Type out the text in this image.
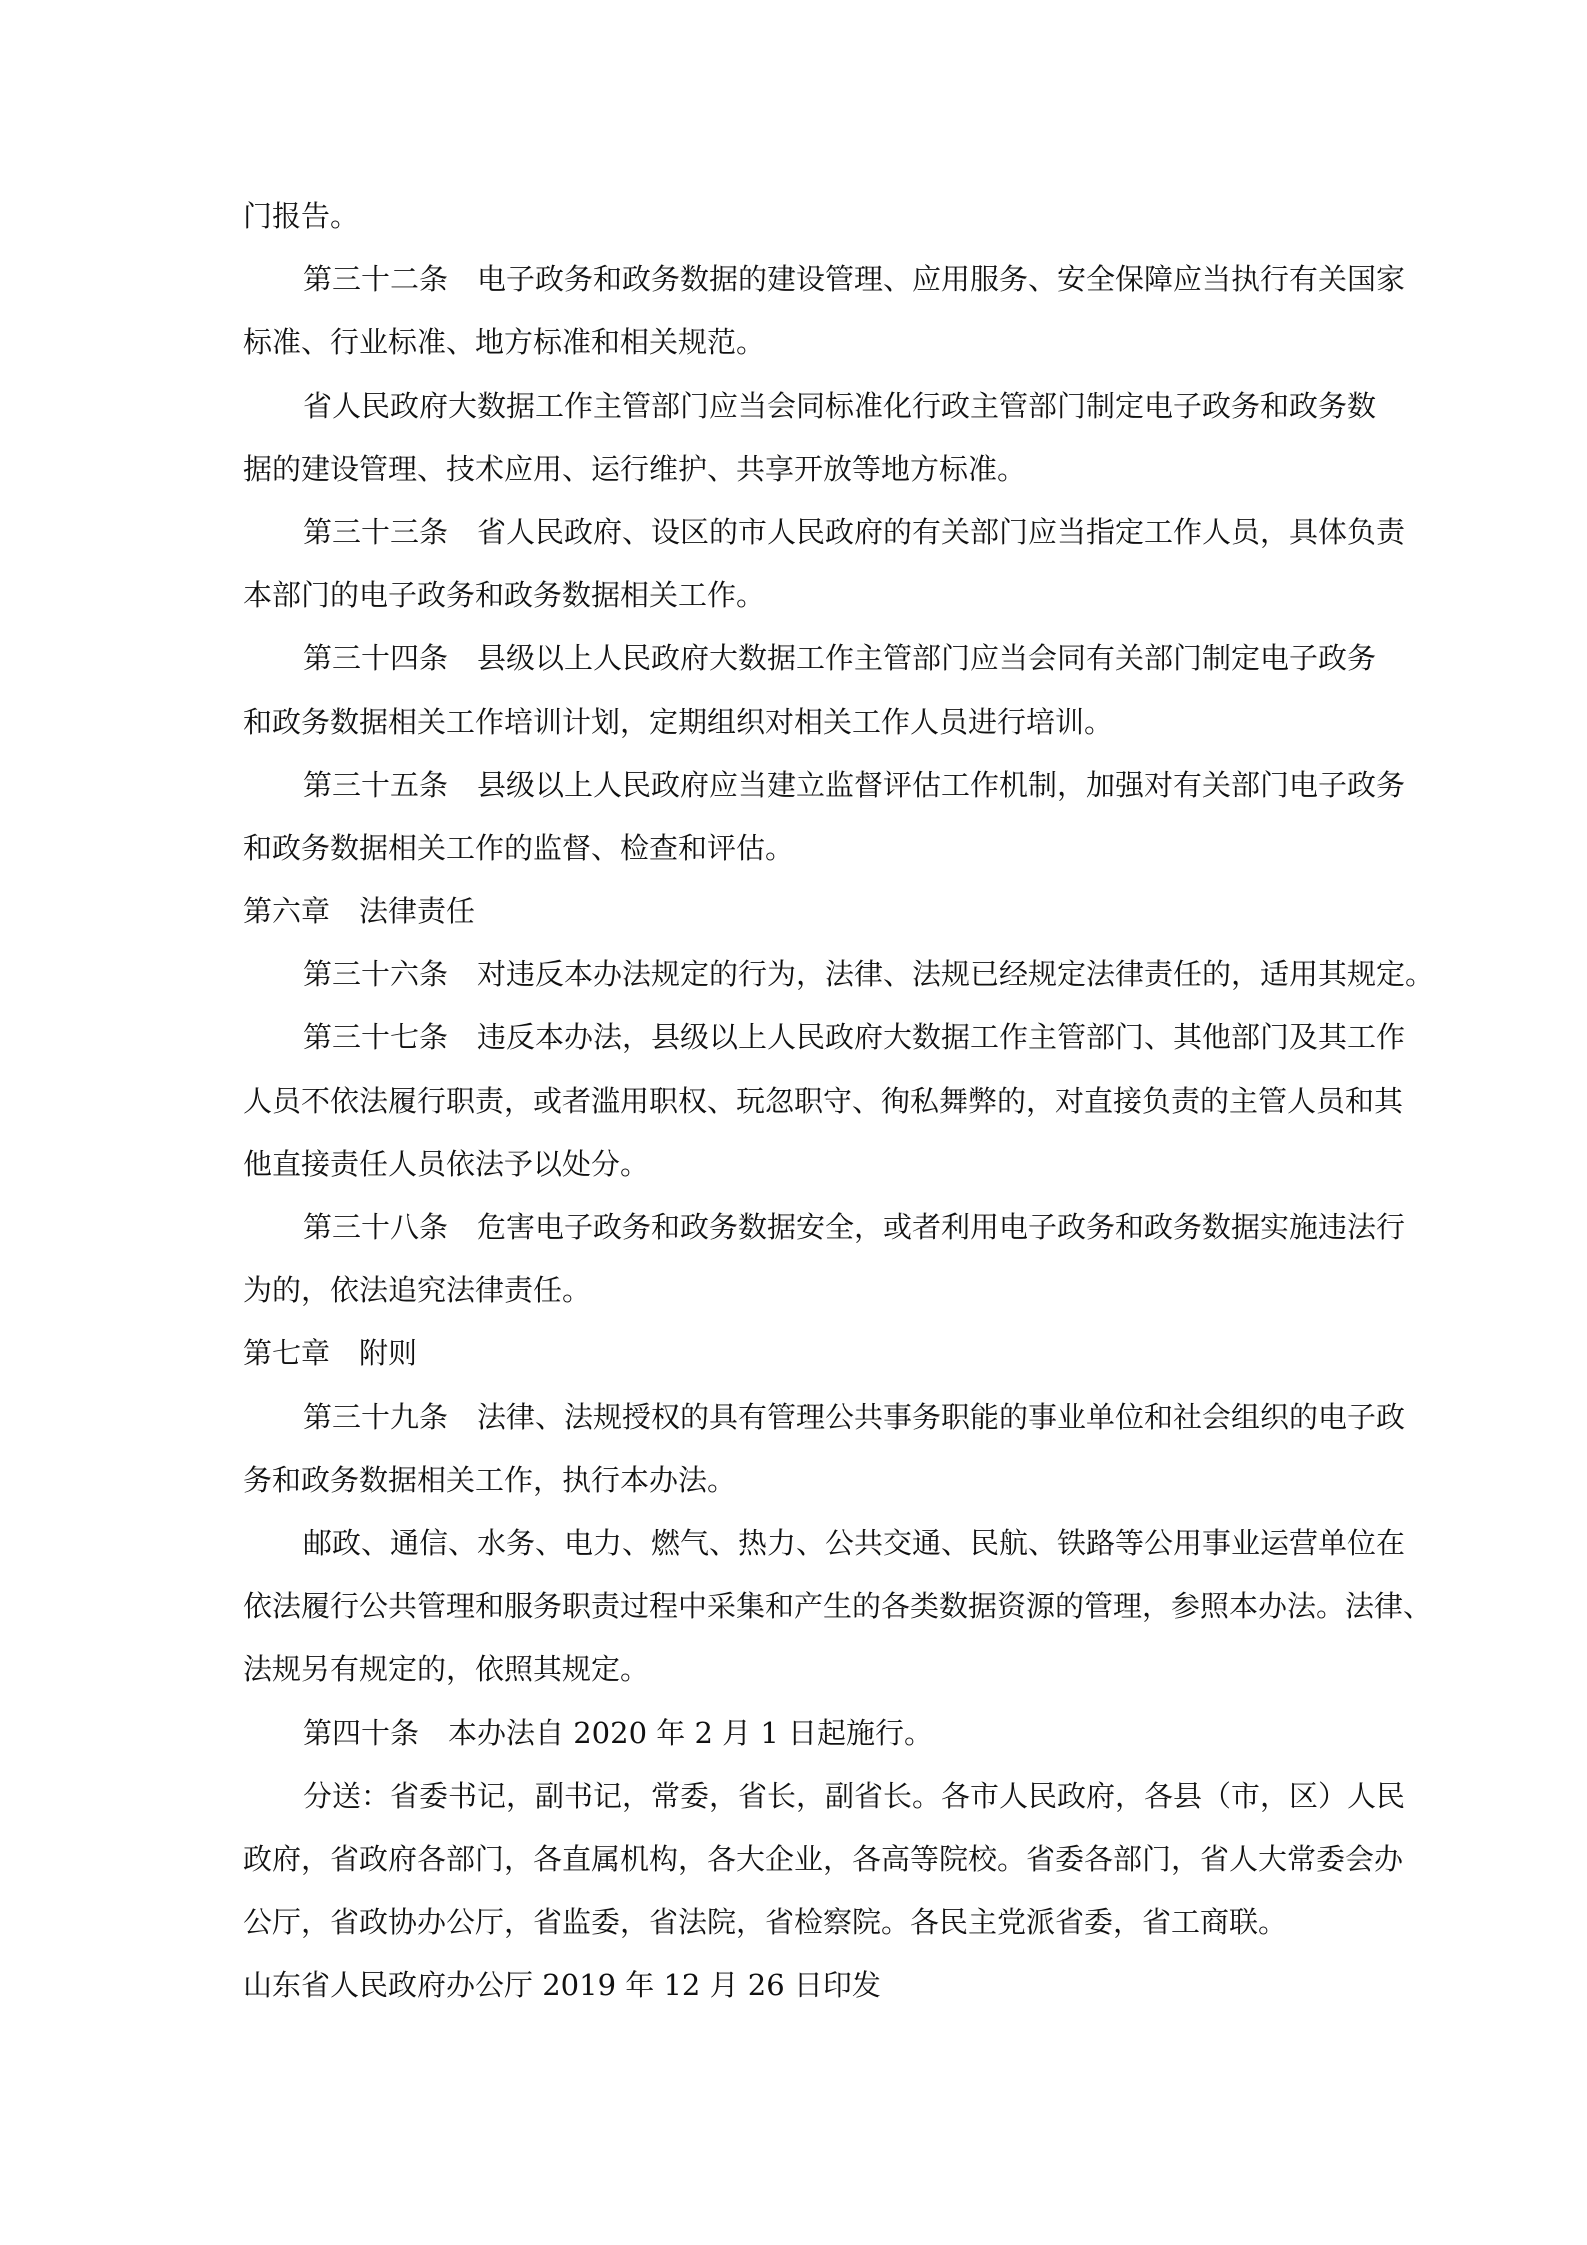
门报告。
第三十二条　电子政务和政务数据的建设管理、应用服务、安全保障应当执行有关国家
标准、行业标准、地方标准和相关规范。
省人民政府大数据工作主管部门应当会同标准化行政主管部门制定电子政务和政务数
据的建设管理、技术应用、运行维护、共享开放等地方标准。
第三十三条　省人民政府、设区的市人民政府的有关部门应当指定工作人员，具体负责
本部门的电子政务和政务数据相关工作。
第三十四条　县级以上人民政府大数据工作主管部门应当会同有关部门制定电子政务
和政务数据相关工作培训计划，定期组织对相关工作人员进行培训。
第三十五条　县级以上人民政府应当建立监督评估工作机制，加强对有关部门电子政务
和政务数据相关工作的监督、检查和评估。
第六章　法律责任
第三十六条　对违反本办法规定的行为，法律、法规已经规定法律责任的，适用其规定。
第三十七条　违反本办法，县级以上人民政府大数据工作主管部门、其他部门及其工作
人员不依法履行职责，或者滥用职权、玩忽职守、徇私舞弊的，对直接负责的主管人员和其
他直接责任人员依法予以处分。
第三十八条　危害电子政务和政务数据安全，或者利用电子政务和政务数据实施违法行
为的，依法追究法律责任。
第七章　附则
第三十九条　法律、法规授权的具有管理公共事务职能的事业单位和社会组织的电子政
务和政务数据相关工作，执行本办法。
邮政、通信、水务、电力、燃气、热力、公共交通、民航、铁路等公用事业运营单位在
依法履行公共管理和服务职责过程中采集和产生的各类数据资源的管理，参照本办法。法律、
法规另有规定的，依照其规定。
第四十条　本办法自 2020 年 2 月 1 日起施行。
分送：省委书记，副书记，常委，省长，副省长。各市人民政府，各县（市，区）人民
政府，省政府各部门，各直属机构，各大企业，各高等院校。省委各部门，省人大常委会办
公厅，省政协办公厅，省监委，省法院，省检察院。各民主党派省委，省工商联。
山东省人民政府办公厅 2019 年 12 月 26 日印发
